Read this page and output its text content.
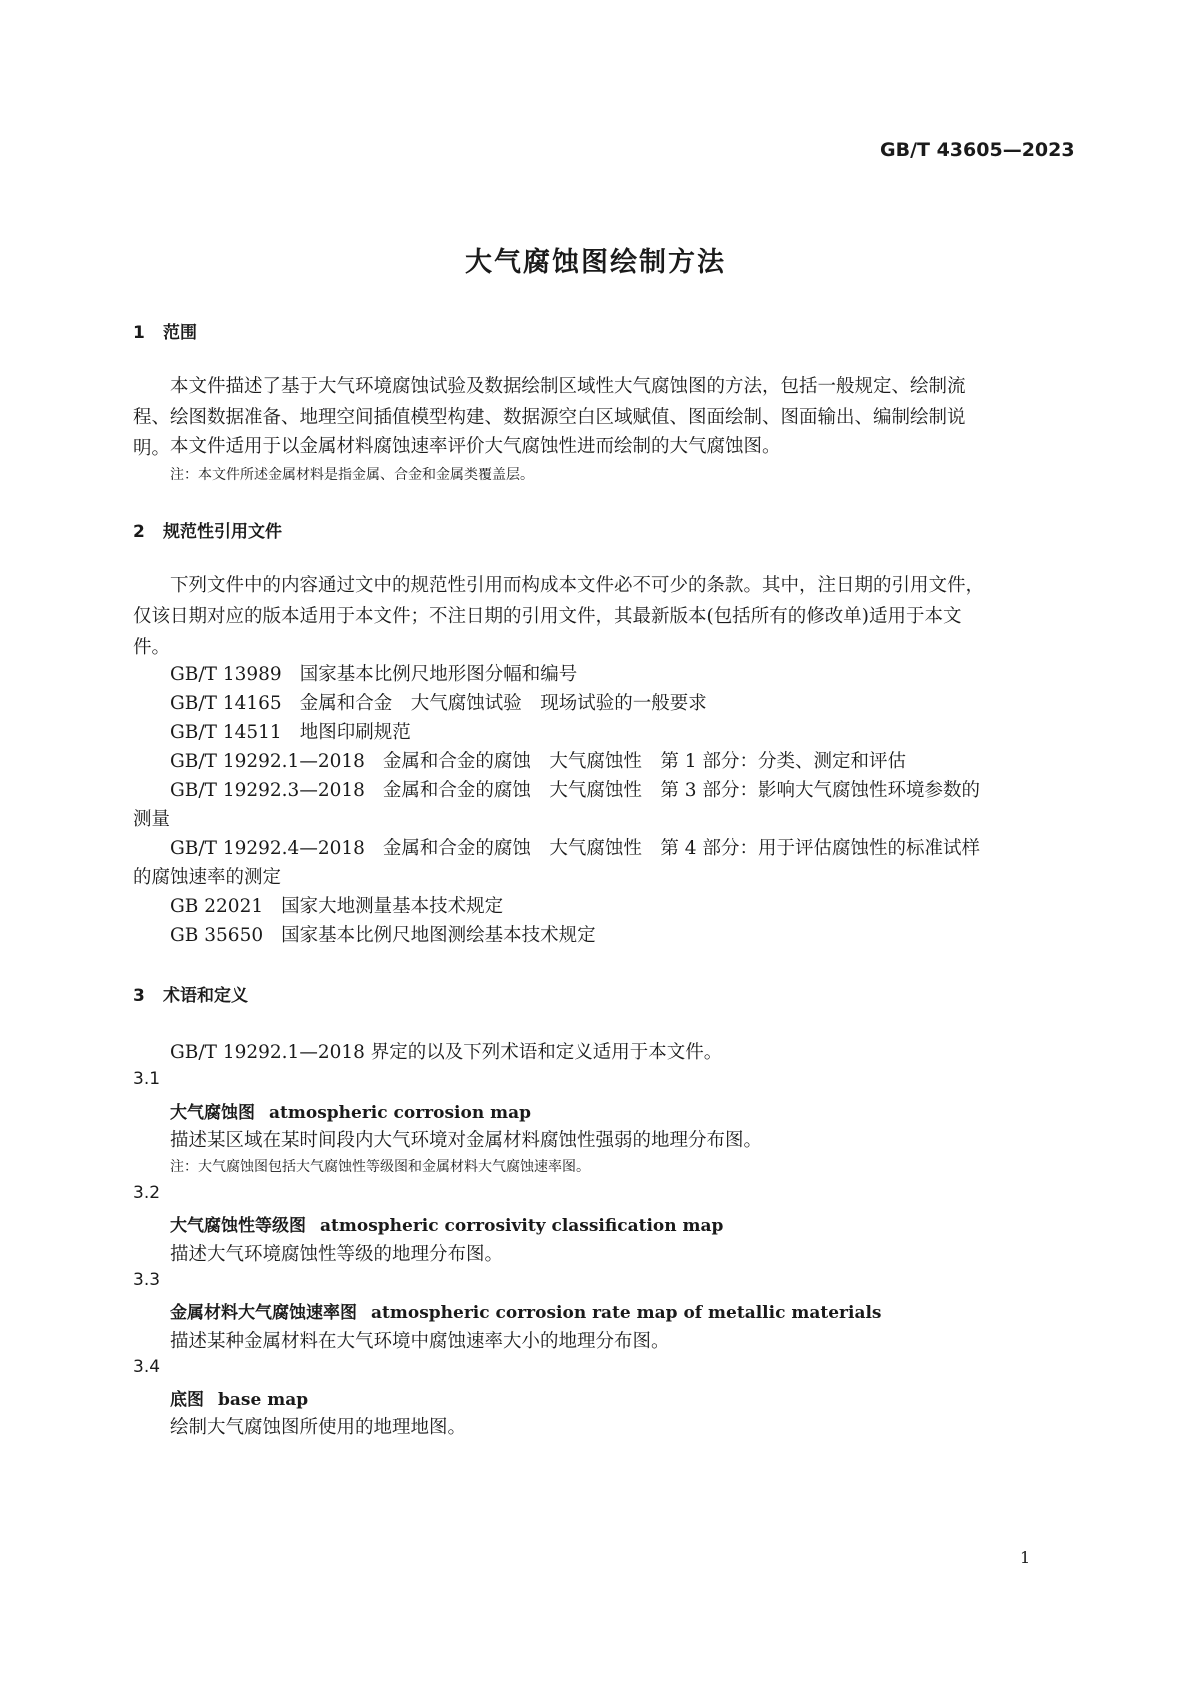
GB/T 43605—2023
大气腐蚀图绘制方法
1 范围
本文件描述了基于大气环境腐蚀试验及数据绘制区域性大气腐蚀图的方法，包括一般规定、绘制流程、绘图数据准备、地理空间插值模型构建、数据源空白区域赋值、图面绘制、图面输出、编制绘制说明。 本文件适用于以金属材料腐蚀速率评价大气腐蚀性进而绘制的大气腐蚀图。
注：本文件所述金属材料是指金属、合金和金属类覆盖层。
2 规范性引用文件
下列文件中的内容通过文中的规范性引用而构成本文件必不可少的条款。其中，注日期的引用文件，仅该日期对应的版本适用于本文件；不注日期的引用文件，其最新版本(包括所有的修改单)适用于本文件。
GB/T 13989 国家基本比例尺地形图分幅和编号
GB/T 14165 金属和合金　大气腐蚀试验　现场试验的一般要求
GB/T 14511 地图印刷规范
GB/T 19292.1—2018 金属和合金的腐蚀　大气腐蚀性　第 1 部分：分类、测定和评估
GB/T 19292.3—2018 金属和合金的腐蚀　大气腐蚀性　第 3 部分：影响大气腐蚀性环境参数的
测量
GB/T 19292.4—2018 金属和合金的腐蚀　大气腐蚀性　第 4 部分：用于评估腐蚀性的标准试样
的腐蚀速率的测定
GB 22021 国家大地测量基本技术规定
GB 35650 国家基本比例尺地图测绘基本技术规定
3 术语和定义
GB/T 19292.1—2018 界定的以及下列术语和定义适用于本文件。
3.1
大气腐蚀图 atmospheric corrosion map
描述某区域在某时间段内大气环境对金属材料腐蚀性强弱的地理分布图。
注：大气腐蚀图包括大气腐蚀性等级图和金属材料大气腐蚀速率图。
3.2
大气腐蚀性等级图 atmospheric corrosivity classification map
描述大气环境腐蚀性等级的地理分布图。
3.3
金属材料大气腐蚀速率图 atmospheric corrosion rate map of metallic materials
描述某种金属材料在大气环境中腐蚀速率大小的地理分布图。
3.4
底图 base map
绘制大气腐蚀图所使用的地理地图。
1
